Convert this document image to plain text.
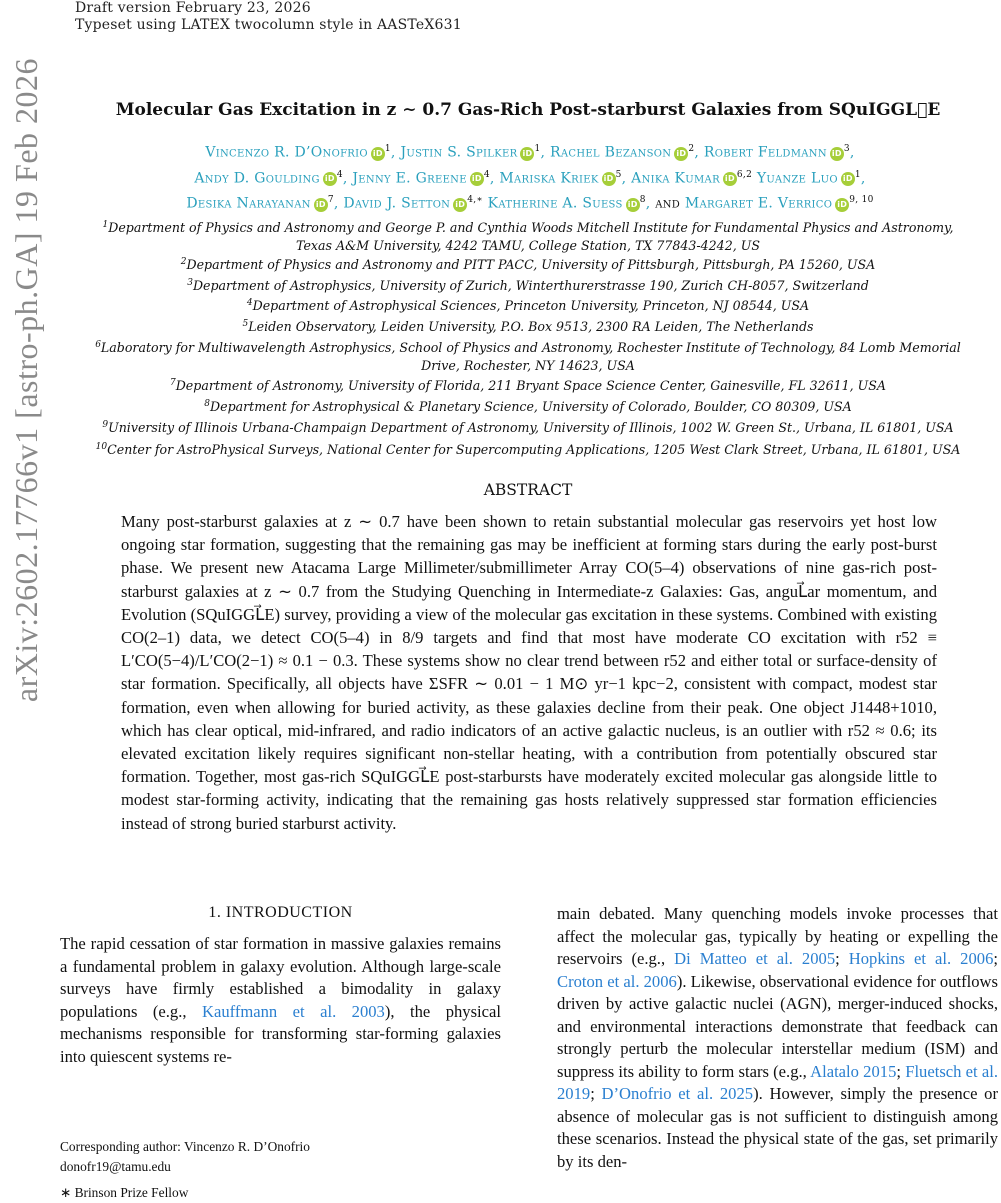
Draft version February 23, 2026
Typeset using LATEX twocolumn style in AASTeX631
arXiv:2602.17766v1 [astro-ph.GA] 19 Feb 2026	Molecular Gas Excitation in z ∼ 0.7 Gas-Rich Post-starburst Galaxies from SQuIGGL⃗E
Vincenzo R. D’Onofrio iD $^1$, Justin S. Spilker iD $^1$, Rachel Bezanson iD $^2$, Robert Feldmann iD $^3$,
Andy D. Goulding iD $^4$, Jenny E. Greene iD $^4$, Mariska Kriek iD $^5$, Anika Kumar iD $^{6,2}$ Yuanze Luo iD $^1$,
Desika Narayanan iD $^7$, David J. Setton iD $^{4,∗}$ Katherine A. Suess iD $^8$, and Margaret E. Verrico iD $^{9, 10}$
$^1$Department of Physics and Astronomy and George P. and Cynthia Woods Mitchell Institute for Fundamental Physics and Astronomy,
Texas A&M University, 4242 TAMU, College Station, TX 77843-4242, US
$^2$Department of Physics and Astronomy and PITT PACC, University of Pittsburgh, Pittsburgh, PA 15260, USA
$^3$Department of Astrophysics, University of Zurich, Winterthurerstrasse 190, Zurich CH-8057, Switzerland
$^4$Department of Astrophysical Sciences, Princeton University, Princeton, NJ 08544, USA
$^5$Leiden Observatory, Leiden University, P.O. Box 9513, 2300 RA Leiden, The Netherlands
$^6$Laboratory for Multiwavelength Astrophysics, School of Physics and Astronomy, Rochester Institute of Technology, 84 Lomb Memorial
Drive, Rochester, NY 14623, USA
$^7$Department of Astronomy, University of Florida, 211 Bryant Space Science Center, Gainesville, FL 32611, USA
$^8$Department for Astrophysical & Planetary Science, University of Colorado, Boulder, CO 80309, USA
$^9$University of Illinois Urbana-Champaign Department of Astronomy, University of Illinois, 1002 W. Green St., Urbana, IL 61801, USA
$^{10}$Center for AstroPhysical Surveys, National Center for Supercomputing Applications, 1205 West Clark Street, Urbana, IL 61801, USA
ABSTRACT
Many post-starburst galaxies at z ∼ 0.7 have been shown to retain substantial molecular gas reservoirs yet host low ongoing star formation, suggesting that the remaining gas may be inefficient at forming stars during the early post-burst phase. We present new Atacama Large Millimeter/submillimeter Array CO(5–4) observations of nine gas-rich post-starburst galaxies at z ∼ 0.7 from the Studying Quenching in Intermediate-z Galaxies: Gas, anguL⃗ar momentum, and Evolution (SQuIGGL⃗E) survey, providing a view of the molecular gas excitation in these systems. Combined with existing CO(2–1) data, we detect CO(5–4) in 8/9 targets and find that most have moderate CO excitation with r52 ≡ L′CO(5−4)/L′CO(2−1) ≈ 0.1 − 0.3. These systems show no clear trend between r52 and either total or surface-density of star formation. Specifically, all objects have ΣSFR ∼ 0.01 − 1 M⊙ yr−1 kpc−2, consistent with compact, modest star formation, even when allowing for buried activity, as these galaxies decline from their peak. One object J1448+1010, which has clear optical, mid-infrared, and radio indicators of an active galactic nucleus, is an outlier with r52 ≈ 0.6; its elevated excitation likely requires significant non-stellar heating, with a contribution from potentially obscured star formation. Together, most gas-rich SQuIGGL⃗E post-starbursts have moderately excited molecular gas alongside little to modest star-forming activity, indicating that the remaining gas hosts relatively suppressed star formation efficiencies instead of strong buried starburst activity.
1. INTRODUCTION
The rapid cessation of star formation in massive galaxies remains a fundamental problem in galaxy evolution. Although large-scale surveys have firmly established a bimodality in galaxy populations (e.g., Kauffmann et al. 2003), the physical mechanisms responsible for transforming star-forming galaxies into quiescent systems re-
main debated. Many quenching models invoke processes that affect the molecular gas, typically by heating or expelling the reservoirs (e.g., Di Matteo et al. 2005; Hopkins et al. 2006; Croton et al. 2006). Likewise, observational evidence for outflows driven by active galactic nuclei (AGN), merger-induced shocks, and environmental interactions demonstrate that feedback can strongly perturb the molecular interstellar medium (ISM) and suppress its ability to form stars (e.g., Alatalo 2015; Fluetsch et al. 2019; D’Onofrio et al. 2025). However, simply the presence or absence of molecular gas is not sufficient to distinguish among these scenarios. Instead the physical state of the gas, set primarily by its den-
Corresponding author: Vincenzo R. D’Onofrio
donofr19@tamu.edu
∗ Brinson Prize Fellow
